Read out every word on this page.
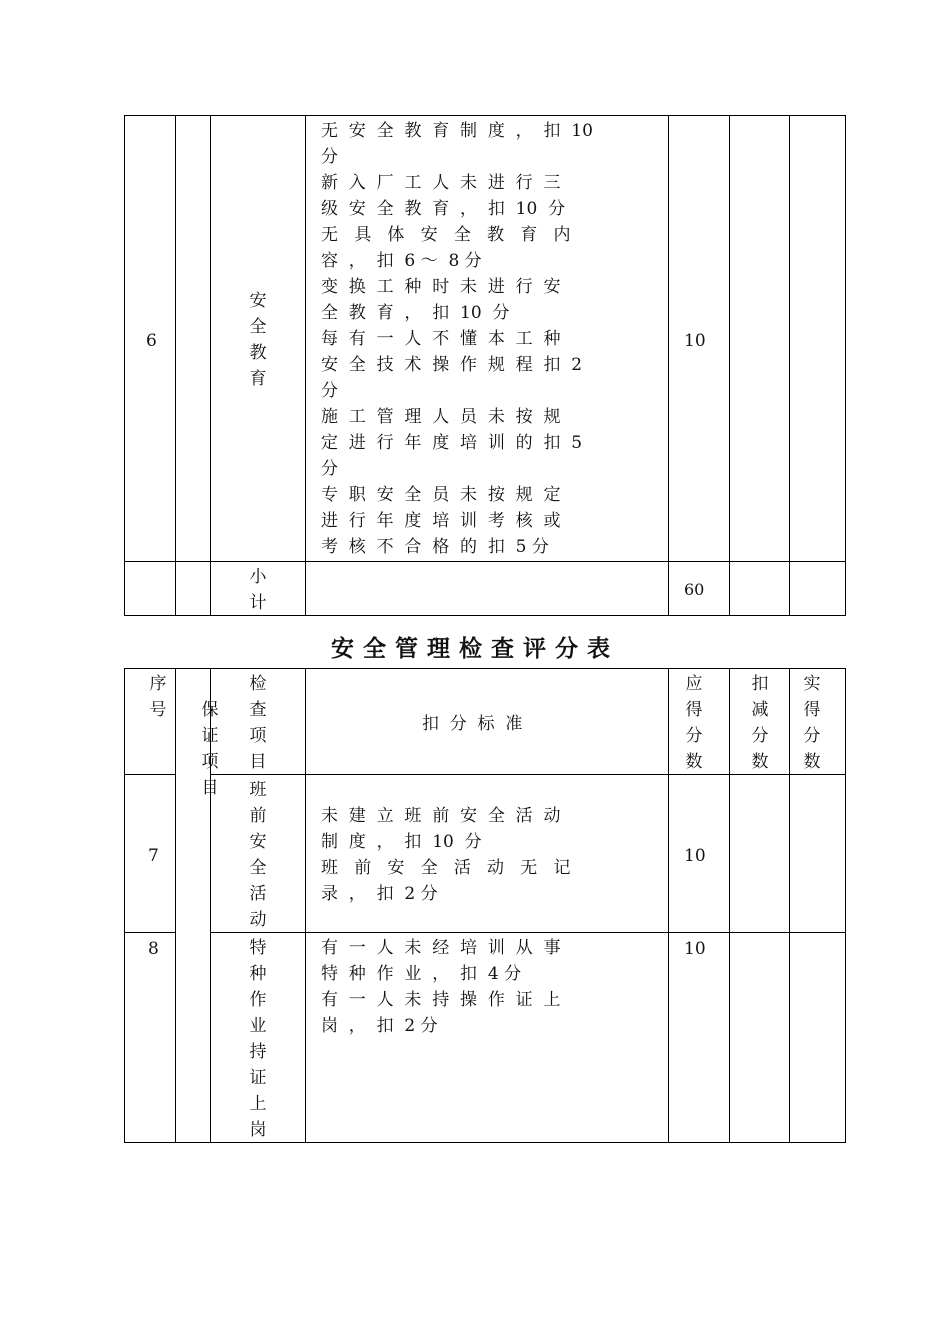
6
安
全
教
育
无  安  全  教  育  制  度  ，  扣  10
分
新  入  厂  工  人  未  进  行  三
级  安  全  教  育  ，  扣  10  分
无   具   体   安   全   教   育   内
容  ，  扣  6 ～  8 分
变  换  工  种  时  未  进  行  安
全  教  育  ，  扣  10  分
每  有  一  人  不  懂  本  工  种
安  全  技  术  操  作  规  程  扣  2
分
施  工  管  理  人  员  未  按  规
定  进  行  年  度  培  训  的  扣  5
分
专  职  安  全  员  未  按  规  定
进  行  年  度  培  训  考  核  或
考  核  不  合  格  的  扣  5 分
10
小
计
60
安全管理检查评分表
序
号 保
证
项
目
检
查
项
目
扣  分  标  准
应
得
分
数
扣
减
分
数
实
得
分
数
7
班
前
安
全
活
动
未  建  立  班  前  安  全  活  动
制  度  ，  扣  10  分
班   前   安   全   活   动   无   记
录  ，  扣  2 分
10
8	特
种
作
业
持
证
上
岗
有  一  人  未  经  培  训  从  事
特  种  作  业  ，  扣  4 分
有  一  人  未  持  操  作  证  上
岗  ，  扣  2 分
10
